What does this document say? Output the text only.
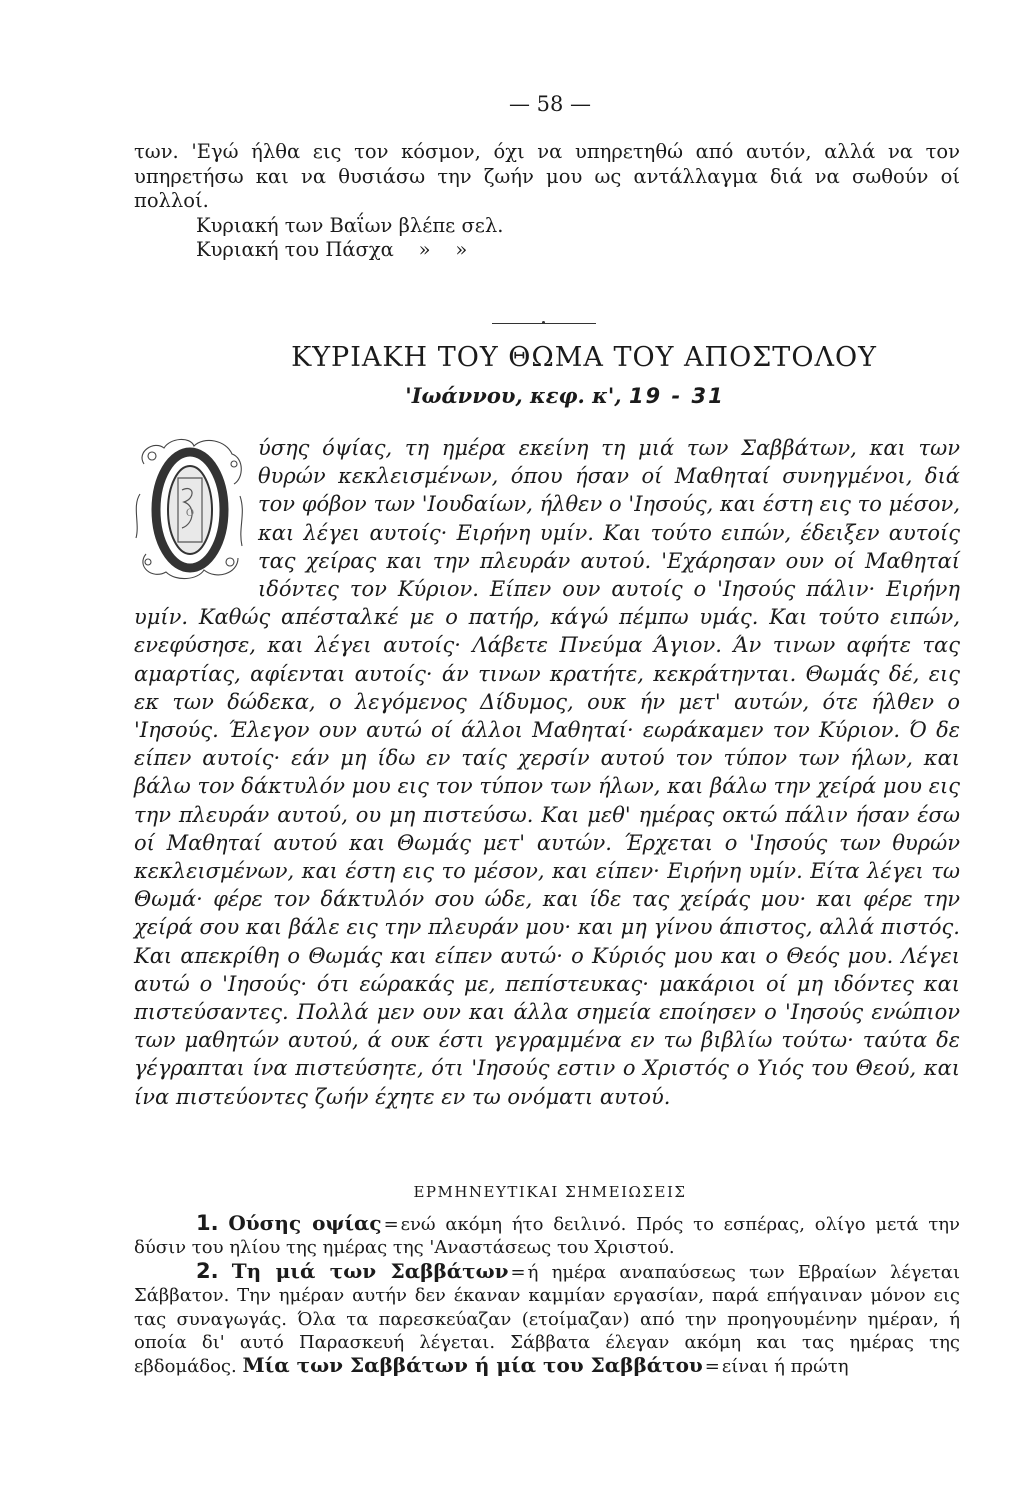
— 58 —

των. 'Εγώ ήλθα εις τον κόσμον, όχι να υπηρετηθώ από αυτόν, αλλά να τον υπηρετήσω και να θυσιάσω την ζωήν μου ως αντάλλαγμα διά να σωθούν οί πολλοί.

Κυριακή των Βαΐων βλέπε σελ.

Κυριακή του Πάσχα    »    »

ΚΥΡΙΑΚΗ ΤΟΥ ΘΩΜΑ ΤΟΥ ΑΠΟΣΤΟΛΟΥ
'Ιωάννου, κεφ. κ', 19 - 31
Ο
ύσης όψίας, τη ημέρα εκείνη τη μιά των Σαββάτων, και των θυρών κεκλεισμένων, όπου ήσαν οί Μαθηταί συνηγμένοι, διά τον φόβον των 'Ιουδαίων, ήλθεν ο 'Ιησούς, και έστη εις το μέσον, και λέγει αυτοίς· Ειρήνη υμίν. Και τούτο ειπών, έδειξεν αυτοίς τας χείρας και την πλευράν αυτού. 'Εχάρησαν ουν οί Μαθηταί ιδόντες τον Κύριον. Είπεν ουν αυτοίς ο 'Ιησούς πάλιν· Ειρήνη υμίν. Καθώς απέσταλκέ με ο πατήρ, κάγώ πέμπω υμάς. Και τούτο ειπών, ενεφύσησε, και λέγει αυτοίς· Λάβετε Πνεύμα Άγιον. Άν τινων αφήτε τας αμαρτίας, αφίενται αυτοίς· άν τινων κρατήτε, κεκράτηνται. Θωμάς δέ, εις εκ των δώδεκα, ο λεγόμενος Δίδυμος, ουκ ήν μετ' αυτών, ότε ήλθεν ο 'Ιησούς. Έλεγον ουν αυτώ οί άλλοι Μαθηταί· εωράκαμεν τον Κύριον. Ό δε είπεν αυτοίς· εάν μη ίδω εν ταίς χερσίν αυτού τον τύπον των ήλων, και βάλω τον δάκτυλόν μου εις τον τύπον των ήλων, και βάλω την χείρά μου εις την πλευράν αυτού, ου μη πιστεύσω. Και μεθ' ημέρας οκτώ πάλιν ήσαν έσω οί Μαθηταί αυτού και Θωμάς μετ' αυτών. Έρχεται ο 'Ιησούς των θυρών κεκλεισμένων, και έστη εις το μέσον, και είπεν· Ειρήνη υμίν. Είτα λέγει τω Θωμά· φέρε τον δάκτυλόν σου ώδε, και ίδε τας χείράς μου· και φέρε την χείρά σου και βάλε εις την πλευράν μου· και μη γίνου άπιστος, αλλά πιστός. Και απεκρίθη ο Θωμάς και είπεν αυτώ· ο Κύριός μου και ο Θεός μου. Λέγει αυτώ ο 'Ιησούς· ότι εώρακάς με, πεπίστευκας· μακάριοι οί μη ιδόντες και πιστεύσαντες. Πολλά μεν ουν και άλλα σημεία εποίησεν ο 'Ιησούς ενώπιον των μαθητών αυτού, ά ουκ έστι γεγραμμένα εν τω βιβλίω τούτω· ταύτα δε γέγραπται ίνα πιστεύσητε, ότι 'Ιησούς εστιν ο Χριστός ο Υιός του Θεού, και ίνα πιστεύοντες ζωήν έχητε εν τω ονόματι αυτού.
ΕΡΜΗΝΕΥΤΙΚΑΙ ΣΗΜΕΙΩΣΕΙΣ

1. Ούσης οψίας = ενώ ακόμη ήτο δειλινό. Πρός το εσπέρας, ολίγο μετά την δύσιν του ηλίου της ημέρας της 'Αναστάσεως του Χριστού.

2. Τη μιά των Σαββάτων = ή ημέρα αναπαύσεως των Εβραίων λέγεται Σάββατον. Την ημέραν αυτήν δεν έκαναν καμμίαν εργασίαν, παρά επήγαιναν μόνον εις τας συναγωγάς. Όλα τα παρεσκεύαζαν (ετοίμαζαν) από την προηγουμένην ημέραν, ή οποία δι' αυτό Παρασκευή λέγεται. Σάββατα έλεγαν ακόμη και τας ημέρας της εβδομάδος. Μία των Σαββάτων ή μία του Σαββάτου = είναι ή πρώτη
